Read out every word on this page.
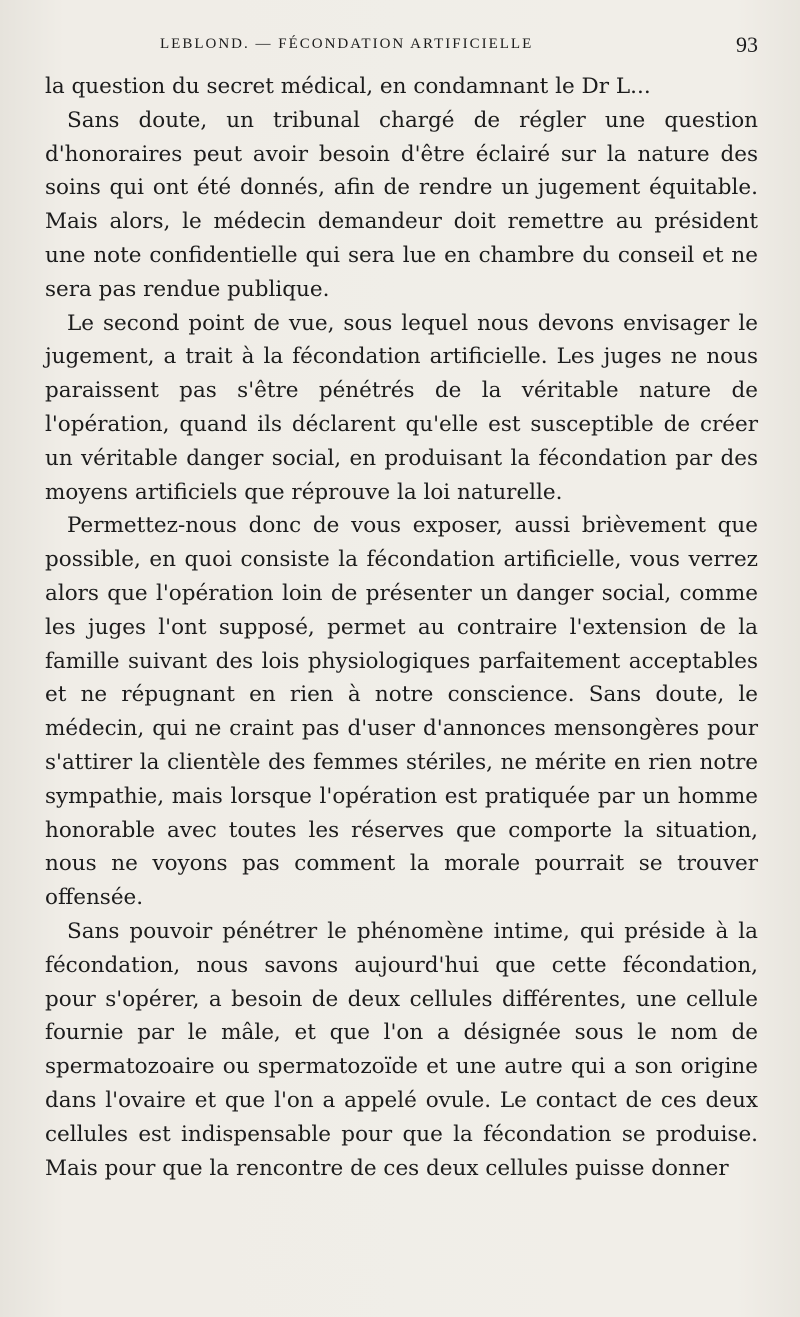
LEBLOND. — FÉCONDATION ARTIFICIELLE	93

la question du secret médical, en condamnant le Dr L...

Sans doute, un tribunal chargé de régler une question d'honoraires peut avoir besoin d'être éclairé sur la nature des soins qui ont été donnés, afin de rendre un jugement équitable. Mais alors, le médecin demandeur doit remettre au président une note confidentielle qui sera lue en chambre du conseil et ne sera pas rendue publique.

Le second point de vue, sous lequel nous devons envisager le jugement, a trait à la fécondation artificielle. Les juges ne nous paraissent pas s'être pénétrés de la véritable nature de l'opération, quand ils déclarent qu'elle est susceptible de créer un véritable danger social, en produisant la fécondation par des moyens artificiels que réprouve la loi naturelle.

Permettez-nous donc de vous exposer, aussi brièvement que possible, en quoi consiste la fécondation artificielle, vous verrez alors que l'opération loin de présenter un danger social, comme les juges l'ont supposé, permet au contraire l'extension de la famille suivant des lois physiologiques parfaitement acceptables et ne répugnant en rien à notre conscience. Sans doute, le médecin, qui ne craint pas d'user d'annonces mensongères pour s'attirer la clientèle des femmes stériles, ne mérite en rien notre sympathie, mais lorsque l'opération est pratiquée par un homme honorable avec toutes les réserves que comporte la situation, nous ne voyons pas comment la morale pourrait se trouver offensée.

Sans pouvoir pénétrer le phénomène intime, qui préside à la fécondation, nous savons aujourd'hui que cette fécondation, pour s'opérer, a besoin de deux cellules différentes, une cellule fournie par le mâle, et que l'on a désignée sous le nom de spermatozoaire ou spermatozoïde et une autre qui a son origine dans l'ovaire et que l'on a appelé ovule. Le contact de ces deux cellules est indispensable pour que la fécondation se produise. Mais pour que la rencontre de ces deux cellules puisse donner
